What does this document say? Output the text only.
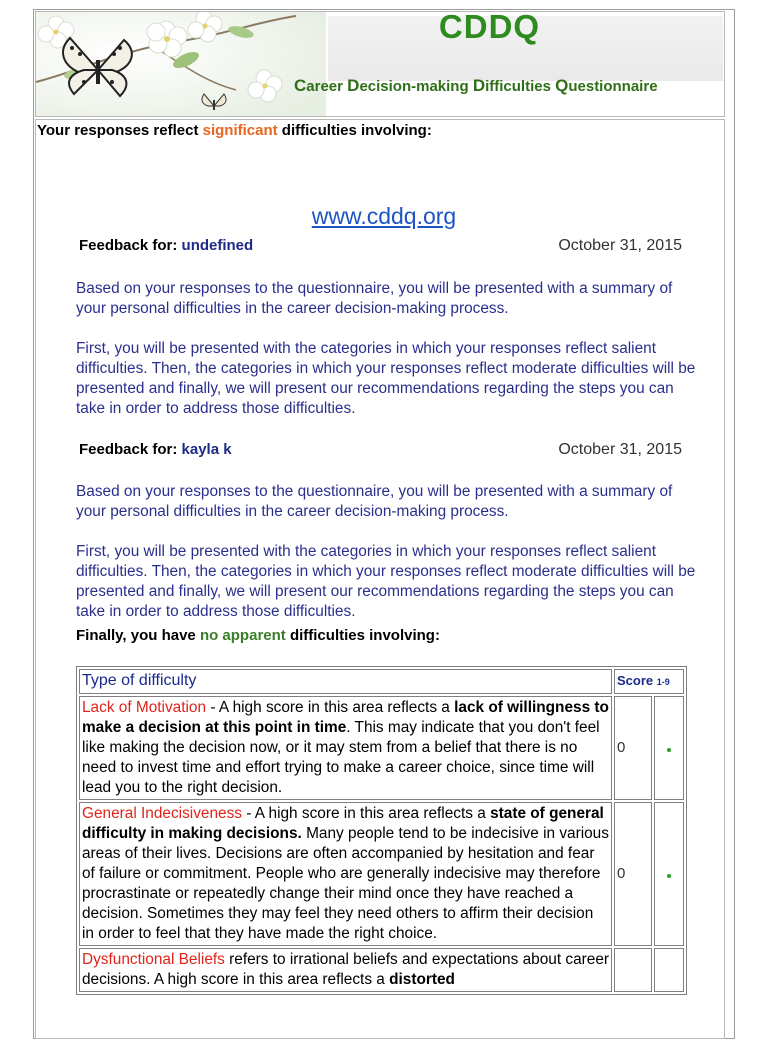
CDDQ
Career Decision-making Difficulties Questionnaire
Your responses reflect significant difficulties involving:
www.cddq.org
Feedback for: undefined	October 31, 2015
Based on your responses to the questionnaire, you will be presented with a summary of your personal difficulties in the career decision-making process.
First, you will be presented with the categories in which your responses reflect salient difficulties. Then, the categories in which your responses reflect moderate difficulties will be presented and finally, we will present our recommendations regarding the steps you can take in order to address those difficulties.
Feedback for: kayla k	October 31, 2015
Based on your responses to the questionnaire, you will be presented with a summary of your personal difficulties in the career decision-making process.
First, you will be presented with the categories in which your responses reflect salient difficulties. Then, the categories in which your responses reflect moderate difficulties will be presented and finally, we will present our recommendations regarding the steps you can take in order to address those difficulties.
Finally, you have no apparent difficulties involving:
Type of difficulty	Score 1-9	
Lack of Motivation - A high score in this area reflects a lack of willingness to make a decision at this point in time. This may indicate that you don't feel like making the decision now, or it may stem from a belief that there is no need to invest time and effort trying to make a career choice, since time will lead you to the right decision.	0	
General Indecisiveness - A high score in this area reflects a state of general difficulty in making decisions. Many people tend to be indecisive in various areas of their lives. Decisions are often accompanied by hesitation and fear of failure or commitment. People who are generally indecisive may therefore procrastinate or repeatedly change their mind once they have reached a decision. Sometimes they may feel they need others to affirm their decision in order to feel that they have made the right choice.	0	
Dysfunctional Beliefs refers to irrational beliefs and expectations about career decisions. A high score in this area reflects a distorted		
